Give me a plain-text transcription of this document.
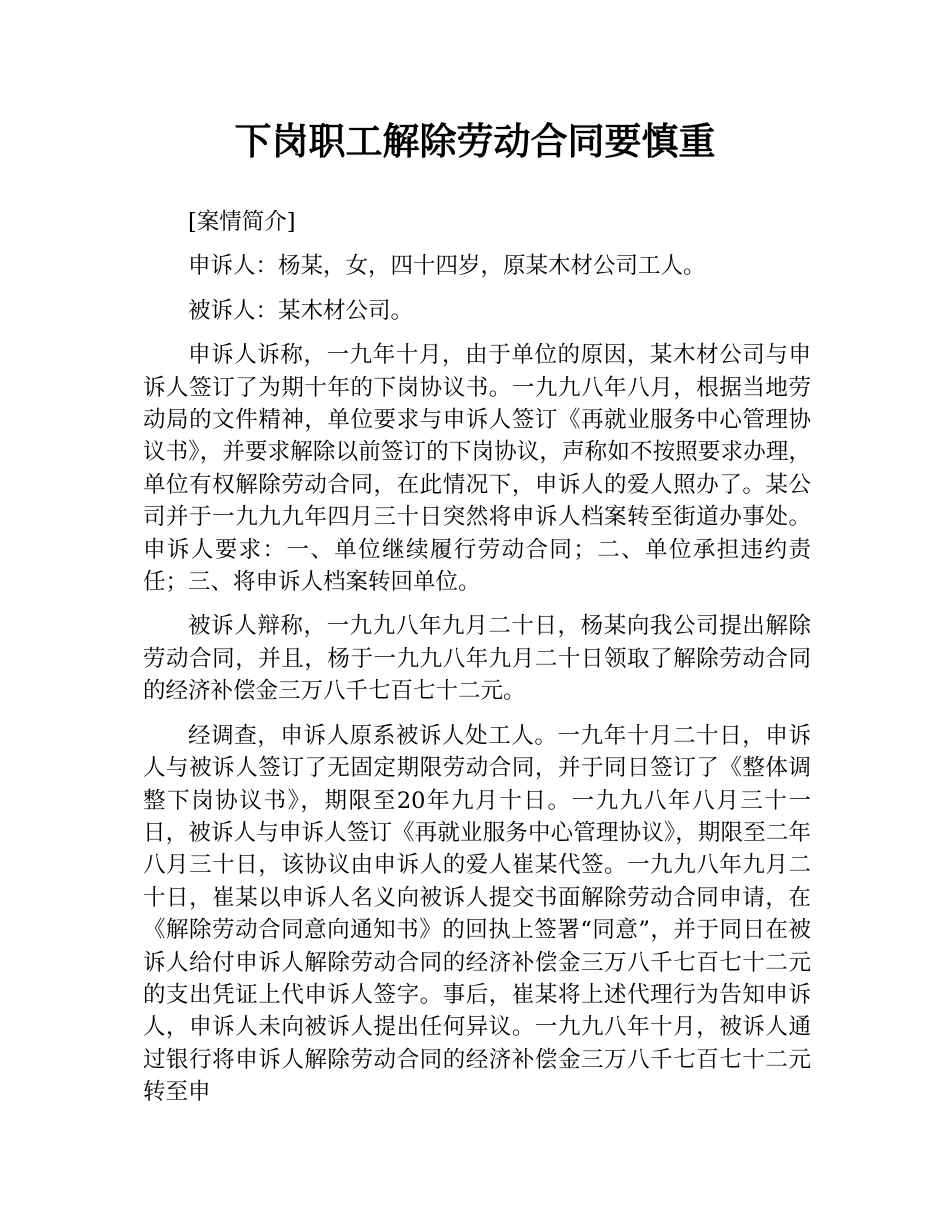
下岗职工解除劳动合同要慎重

[案情简介]

申诉人：杨某，女，四十四岁，原某木材公司工人。

被诉人：某木材公司。

申诉人诉称，一九年十月，由于单位的原因，某木材公司与申诉人签订了为期十年的下岗协议书。一九九八年八月，根据当地劳动局的文件精神，单位要求与申诉人签订《再就业服务中心管理协议书》，并要求解除以前签订的下岗协议，声称如不按照要求办理，单位有权解除劳动合同，在此情况下，申诉人的爱人照办了。某公司并于一九九九年四月三十日突然将申诉人档案转至街道办事处。申诉人要求：一、单位继续履行劳动合同；二、单位承担违约责任；三、将申诉人档案转回单位。

被诉人辩称，一九九八年九月二十日，杨某向我公司提出解除劳动合同，并且，杨于一九九八年九月二十日领取了解除劳动合同的经济补偿金三万八千七百七十二元。

经调查，申诉人原系被诉人处工人。一九年十月二十日，申诉人与被诉人签订了无固定期限劳动合同，并于同日签订了《整体调整下岗协议书》，期限至20年九月十日。一九九八年八月三十一日，被诉人与申诉人签订《再就业服务中心管理协议》，期限至二年八月三十日，该协议由申诉人的爱人崔某代签。一九九八年九月二十日，崔某以申诉人名义向被诉人提交书面解除劳动合同申请，在《解除劳动合同意向通知书》的回执上签署“同意”，并于同日在被诉人给付申诉人解除劳动合同的经济补偿金三万八千七百七十二元的支出凭证上代申诉人签字。事后，崔某将上述代理行为告知申诉人，申诉人未向被诉人提出任何异议。一九九八年十月，被诉人通过银行将申诉人解除劳动合同的经济补偿金三万八千七百七十二元转至申
